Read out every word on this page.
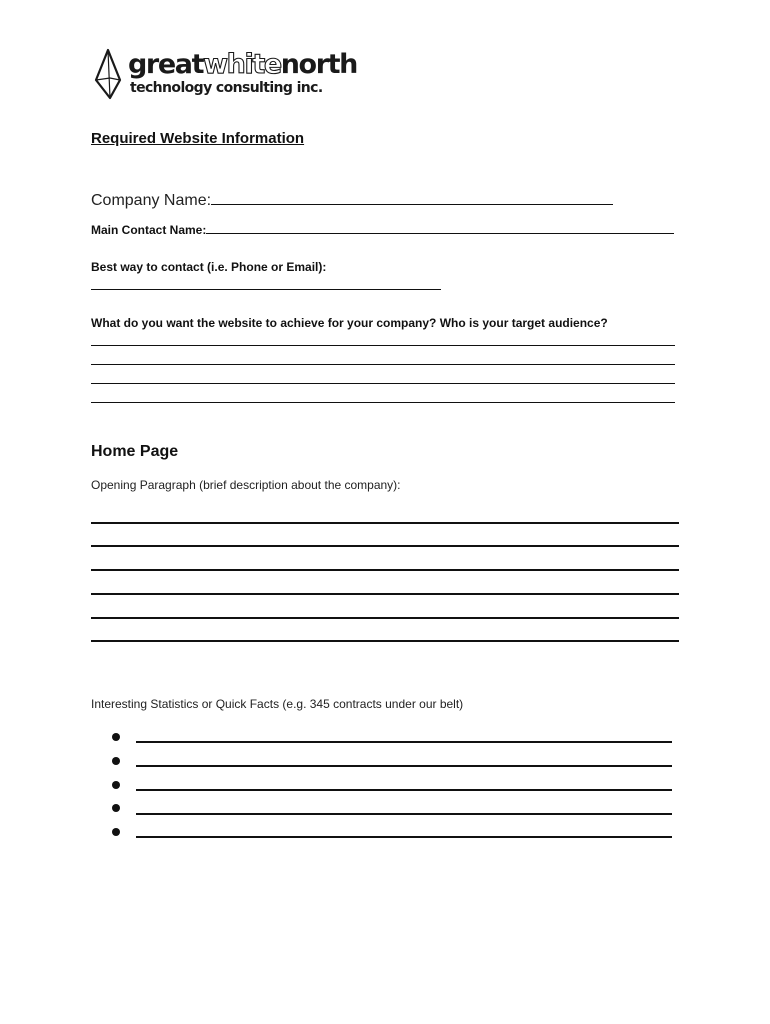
greatwhitenorth
technology consulting inc.
Required Website Information
Company Name:
Main Contact Name:
Best way to contact (i.e. Phone or Email):
What do you want the website to achieve for your company? Who is your target audience?
Home Page
Opening Paragraph (brief description about the company):
Interesting Statistics or Quick Facts (e.g. 345 contracts under our belt)
